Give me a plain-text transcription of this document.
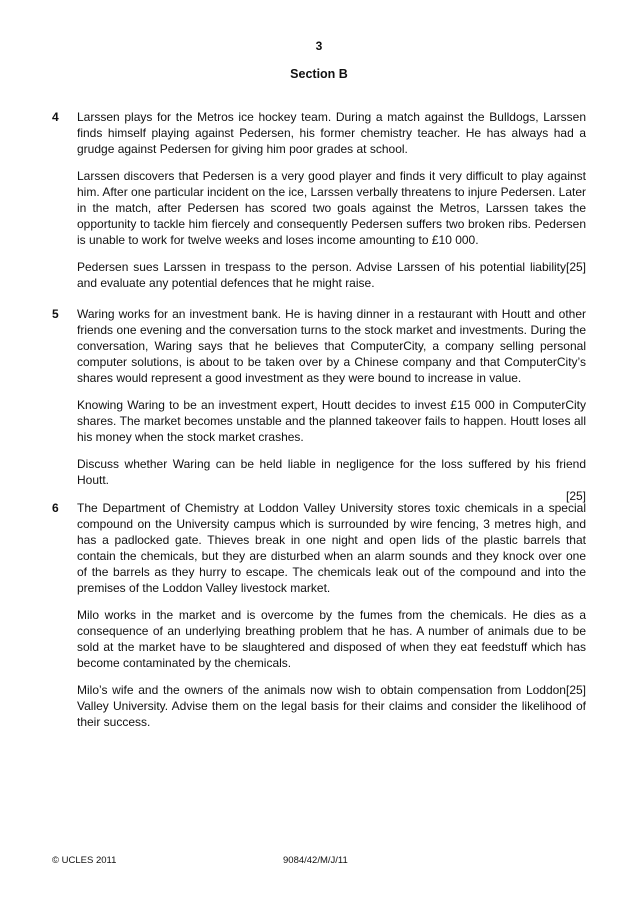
3
Section B
4 Larssen plays for the Metros ice hockey team. During a match against the Bulldogs, Larssen finds himself playing against Pedersen, his former chemistry teacher. He has always had a grudge against Pedersen for giving him poor grades at school.

Larssen discovers that Pedersen is a very good player and finds it very difficult to play against him. After one particular incident on the ice, Larssen verbally threatens to injure Pedersen. Later in the match, after Pedersen has scored two goals against the Metros, Larssen takes the opportunity to tackle him fiercely and consequently Pedersen suffers two broken ribs. Pedersen is unable to work for twelve weeks and loses income amounting to £10 000.

[25]
Pedersen sues Larssen in trespass to the person. Advise Larssen of his potential liability and evaluate any potential defences that he might raise.

5 Waring works for an investment bank. He is having dinner in a restaurant with Houtt and other friends one evening and the conversation turns to the stock market and investments. During the conversation, Waring says that he believes that ComputerCity, a company selling personal computer solutions, is about to be taken over by a Chinese company and that ComputerCity’s shares would represent a good investment as they were bound to increase in value.

Knowing Waring to be an investment expert, Houtt decides to invest £15 000 in ComputerCity shares. The market becomes unstable and the planned takeover fails to happen. Houtt loses all his money when the stock market crashes.

Discuss whether Waring can be held liable in negligence for the loss suffered by his friend Houtt.

[25]
6 The Department of Chemistry at Loddon Valley University stores toxic chemicals in a special compound on the University campus which is surrounded by wire fencing, 3 metres high, and has a padlocked gate. Thieves break in one night and open lids of the plastic barrels that contain the chemicals, but they are disturbed when an alarm sounds and they knock over one of the barrels as they hurry to escape. The chemicals leak out of the compound and into the premises of the Loddon Valley livestock market.

Milo works in the market and is overcome by the fumes from the chemicals. He dies as a consequence of an underlying breathing problem that he has. A number of animals due to be sold at the market have to be slaughtered and disposed of when they eat feedstuff which has become contaminated by the chemicals.

[25]
Milo’s wife and the owners of the animals now wish to obtain compensation from Loddon Valley University. Advise them on the legal basis for their claims and consider the likelihood of their success.

© UCLES 2011	9084/42/M/J/11
